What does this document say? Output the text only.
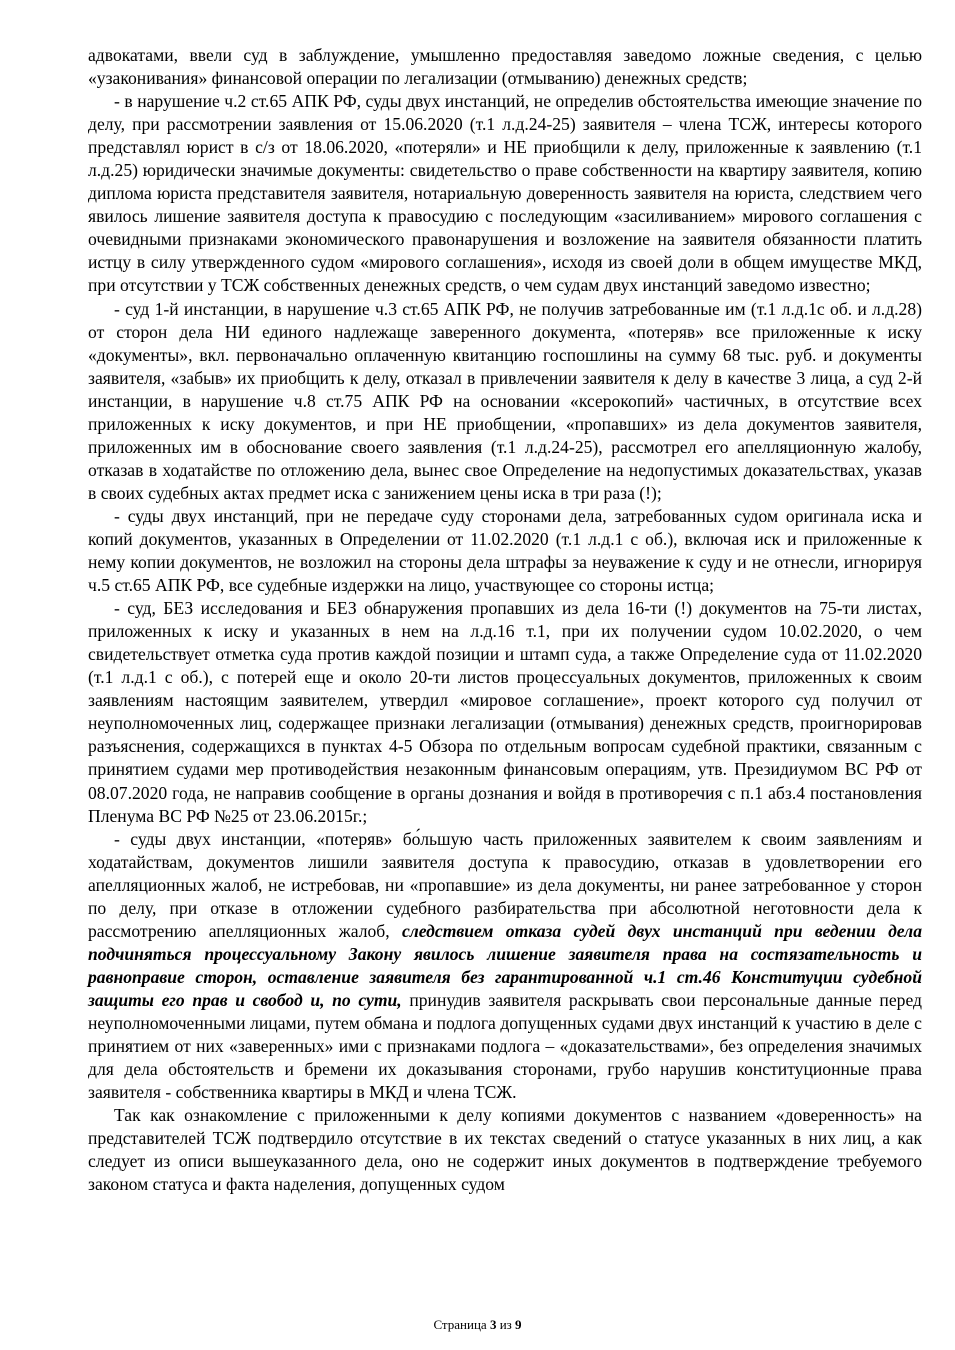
адвокатами, ввели суд в заблуждение, умышленно предоставляя заведомо ложные сведения, с целью «узаконивания» финансовой операции по легализации (отмыванию) денежных средств;

- в нарушение ч.2 ст.65 АПК РФ, суды двух инстанций, не определив обстоятельства имеющие значение по делу, при рассмотрении заявления от 15.06.2020 (т.1 л.д.24-25) заявителя – члена ТСЖ, интересы которого представлял юрист в с/з от 18.06.2020, «потеряли» и НЕ приобщили к делу, приложенные к заявлению (т.1 л.д.25) юридически значимые документы: свидетельство о праве собственности на квартиру заявителя, копию диплома юриста представителя заявителя, нотариальную доверенность заявителя на юриста, следствием чего явилось лишение заявителя доступа к правосудию с последующим «засиливанием» мирового соглашения с очевидными признаками экономического правонарушения и возложение на заявителя обязанности платить истцу в силу утвержденного судом «мирового соглашения», исходя из своей доли в общем имуществе МКД, при отсутствии у ТСЖ собственных денежных средств, о чем судам двух инстанций заведомо известно;

- суд 1-й инстанции, в нарушение ч.3 ст.65 АПК РФ, не получив затребованные им (т.1 л.д.1с об. и л.д.28) от сторон дела НИ единого надлежаще заверенного документа, «потеряв» все приложенные к иску «документы», вкл. первоначально оплаченную квитанцию госпошлины на сумму 68 тыс. руб. и документы заявителя, «забыв» их приобщить к делу, отказал в привлечении заявителя к делу в качестве 3 лица, а суд 2-й инстанции, в нарушение ч.8 ст.75 АПК РФ на основании «ксерокопий» частичных, в отсутствие всех приложенных к иску документов, и при НЕ приобщении, «пропавших» из дела документов заявителя, приложенных им в обоснование своего заявления (т.1 л.д.24-25), рассмотрел его апелляционную жалобу, отказав в ходатайстве по отложению дела, вынес свое Определение на недопустимых доказательствах, указав в своих судебных актах предмет иска с занижением цены иска в три раза (!);

- суды двух инстанций, при не передаче суду сторонами дела, затребованных судом оригинала иска и копий документов, указанных в Определении от 11.02.2020 (т.1 л.д.1 с об.), включая иск и приложенные к нему копии документов, не возложил на стороны дела штрафы за неуважение к суду и не отнесли, игнорируя ч.5 ст.65 АПК РФ, все судебные издержки на лицо, участвующее со стороны истца;

- суд, БЕЗ исследования и БЕЗ обнаружения пропавших из дела 16-ти (!) документов на 75-ти листах, приложенных к иску и указанных в нем на л.д.16 т.1, при их получении судом 10.02.2020, о чем свидетельствует отметка суда против каждой позиции и штамп суда, а также Определение суда от 11.02.2020 (т.1 л.д.1 с об.), с потерей еще и около 20-ти листов процессуальных документов, приложенных к своим заявлениям настоящим заявителем, утвердил «мировое соглашение», проект которого суд получил от неуполномоченных лиц, содержащее признаки легализации (отмывания) денежных средств, проигнорировав разъяснения, содержащихся в пунктах 4-5 Обзора по отдельным вопросам судебной практики, связанным с принятием судами мер противодействия незаконным финансовым операциям, утв. Президиумом ВС РФ от 08.07.2020 года, не направив сообщение в органы дознания и войдя в противоречия с п.1 абз.4 постановления Пленума ВС РФ №25 от 23.06.2015г.;

- суды двух инстанции, «потеряв» бо́льшую часть приложенных заявителем к своим заявлениям и ходатайствам, документов лишили заявителя доступа к правосудию, отказав в удовлетворении его апелляционных жалоб, не истребовав, ни «пропавшие» из дела документы, ни ранее затребованное у сторон по делу, при отказе в отложении судебного разбирательства при абсолютной неготовности дела к рассмотрению апелляционных жалоб, следствием отказа судей двух инстанций при ведении дела подчиняться процессуальному Закону явилось лишение заявителя права на состязательность и равноправие сторон, оставление заявителя без гарантированной ч.1 ст.46 Конституции судебной защиты его прав и свобод и, по сути, принудив заявителя раскрывать свои персональные данные перед неуполномоченными лицами, путем обмана и подлога допущенных судами двух инстанций к участию в деле с принятием от них «заверенных» ими с признаками подлога – «доказательствами», без определения значимых для дела обстоятельств и бремени их доказывания сторонами, грубо нарушив конституционные права заявителя - собственника квартиры в МКД и члена ТСЖ.

Так как ознакомление с приложенными к делу копиями документов с названием «доверенность» на представителей ТСЖ подтвердило отсутствие в их текстах сведений о статусе указанных в них лиц, а как следует из описи вышеуказанного дела, оно не содержит иных документов в подтверждение требуемого законом статуса и факта наделения, допущенных судом

Страница 3 из 9
